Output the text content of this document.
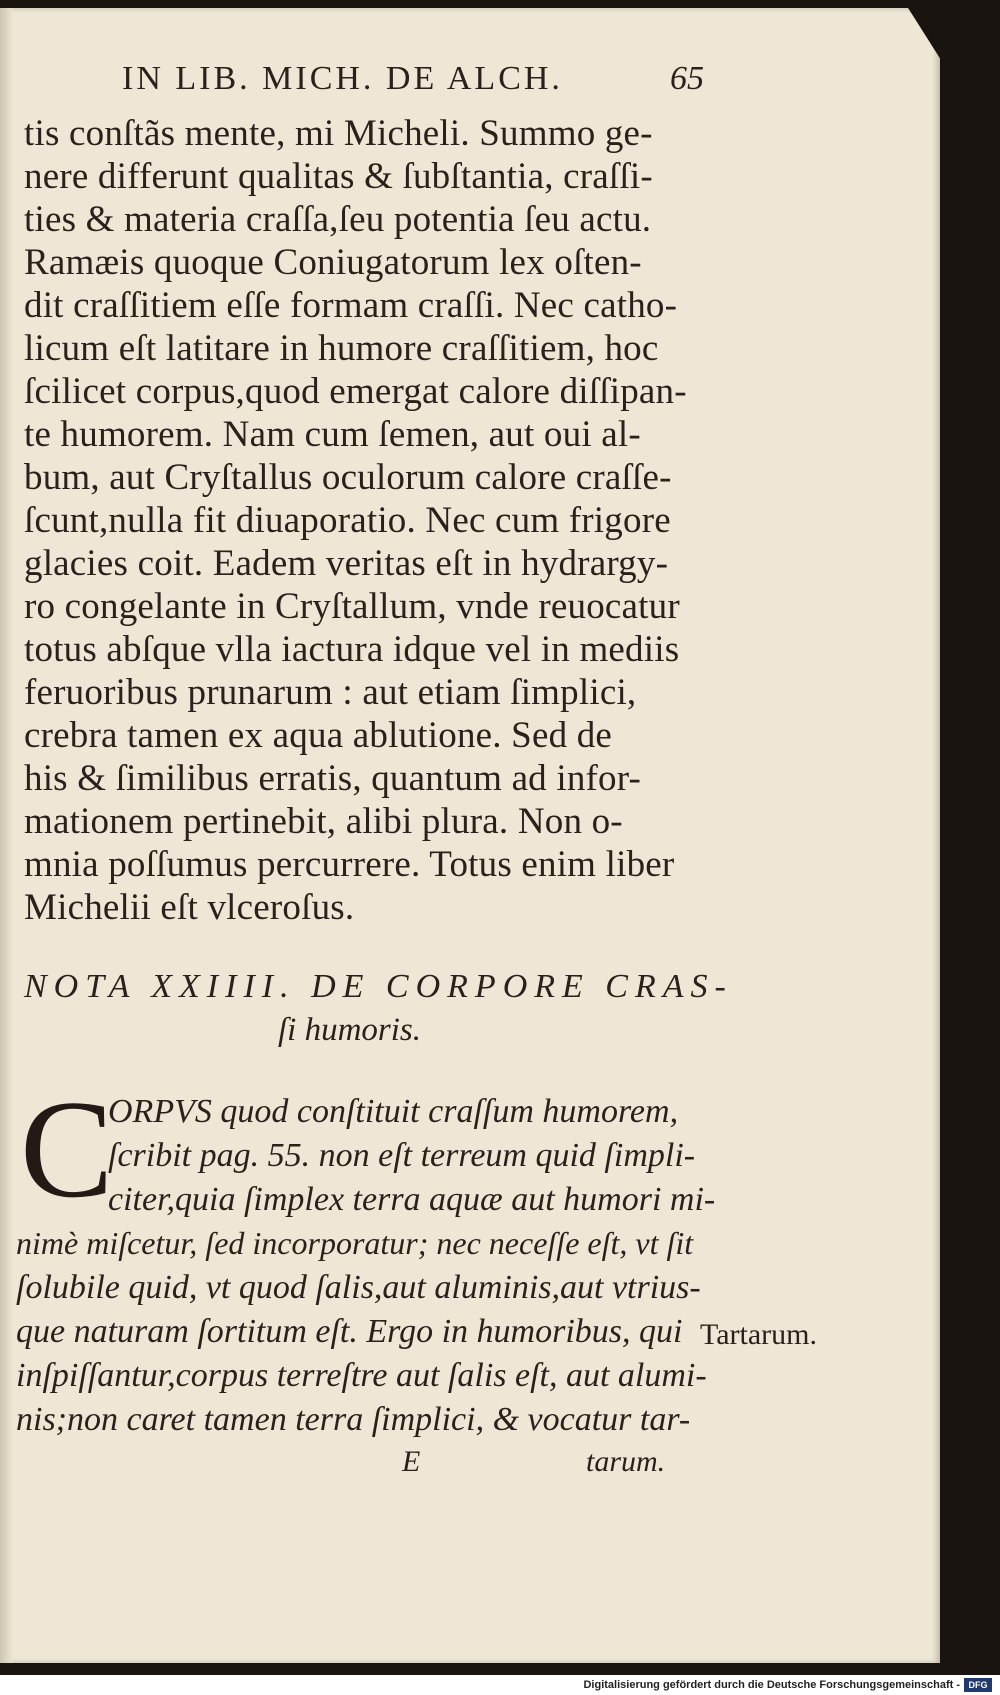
IN LIB. MICH. DE ALCH.	65
tis conſtãs mente, mi Micheli. Summo ge-
nere differunt qualitas & ſubſtantia, craſſi-
ties & materia craſſa,ſeu potentia ſeu actu.
Ramæis quoque Coniugatorum lex oſten-
dit craſſitiem eſſe formam craſſi. Nec catho-
licum eſt latitare in humore craſſitiem, hoc
ſcilicet corpus,quod emergat calore diſſipan-
te humorem. Nam cum ſemen, aut oui al-
bum, aut Cryſtallus oculorum calore craſſe-
ſcunt,nulla fit diuaporatio. Nec cum frigore
glacies coit. Eadem veritas eſt in hydrargy-
ro congelante in Cryſtallum, vnde reuocatur
totus abſque vlla iactura idque vel in mediis
feruoribus prunarum : aut etiam ſimplici,
crebra tamen ex aqua ablutione. Sed de
his & ſimilibus erratis, quantum ad infor-
mationem pertinebit, alibi plura. Non o-
mnia poſſumus percurrere. Totus enim liber
Michelii eſt vlceroſus.
NOTA XXIIII. DE CORPORE CRAS-
ſi humoris.
C
ORPVS quod conſtituit craſſum humorem,
ſcribit pag. 55. non eſt terreum quid ſimpli-
citer,quia ſimplex terra aquæ aut humori mi-
nimè miſcetur, ſed incorporatur; nec neceſſe eſt, vt ſit
ſolubile quid, vt quod ſalis,aut aluminis,aut vtrius-
que naturam ſortitum eſt. Ergo in humoribus, qui
inſpiſſantur,corpus terreſtre aut ſalis eſt, aut alumi-
nis;non caret tamen terra ſimplici, & vocatur tar-
Tartarum.
E	tarum.
Digitalisierung gefördert durch die Deutsche Forschungsgemeinschaft - DFG
